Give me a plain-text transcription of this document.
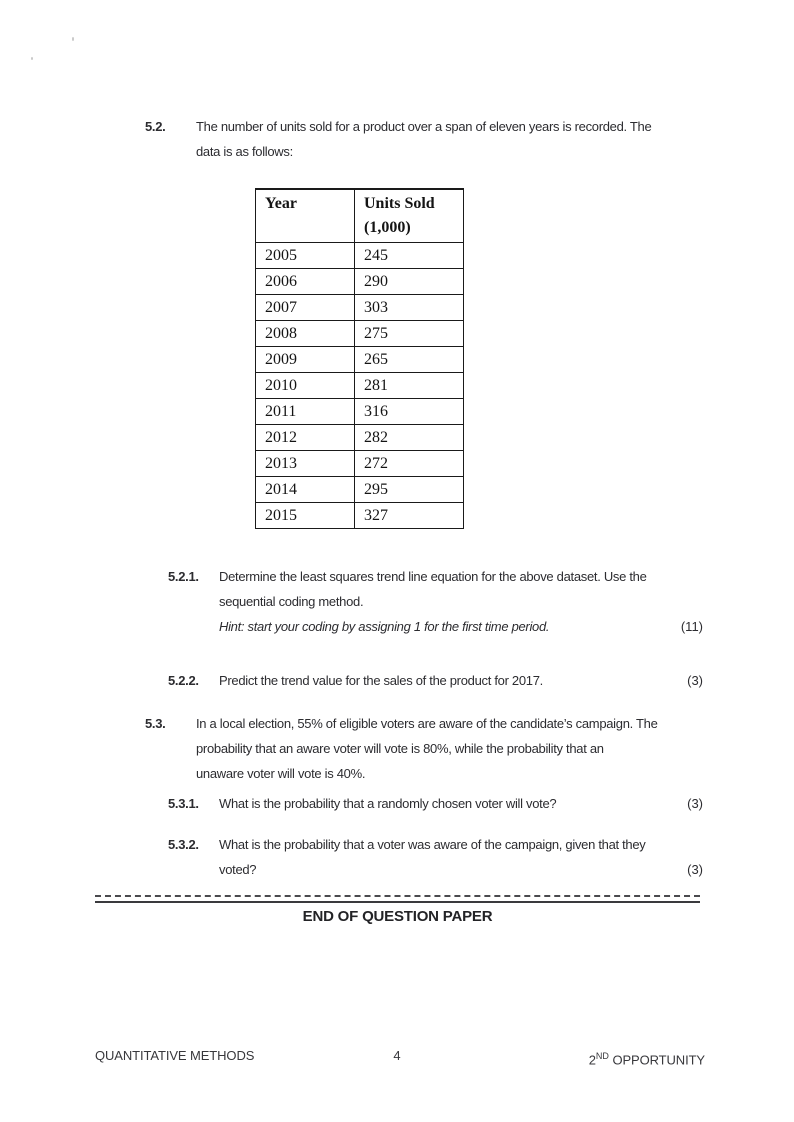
5.2.	The number of units sold for a product over a span of eleven years is recorded. The
data is as follows:
Year	Units Sold
(1,000)

2005	245
2006	290
2007	303
2008	275
2009	265
2010	281
2011	316
2012	282
2013	272
2014	295
2015	327
5.2.1.	Determine the least squares trend line equation for the above dataset. Use the
sequential coding method.
Hint: start your coding by assigning 1 for the first time period.	(11)
5.2.2.	Predict the trend value for the sales of the product for 2017.	(3)
5.3.	In a local election, 55% of eligible voters are aware of the candidate’s campaign. The
probability that an aware voter will vote is 80%, while the probability that an
unaware voter will vote is 40%.
5.3.1.	What is the probability that a randomly chosen voter will vote?	(3)
5.3.2.	What is the probability that a voter was aware of the campaign, given that they
voted?	(3)
END OF QUESTION PAPER
QUANTITATIVE METHODS	4	2ND OPPORTUNITY
